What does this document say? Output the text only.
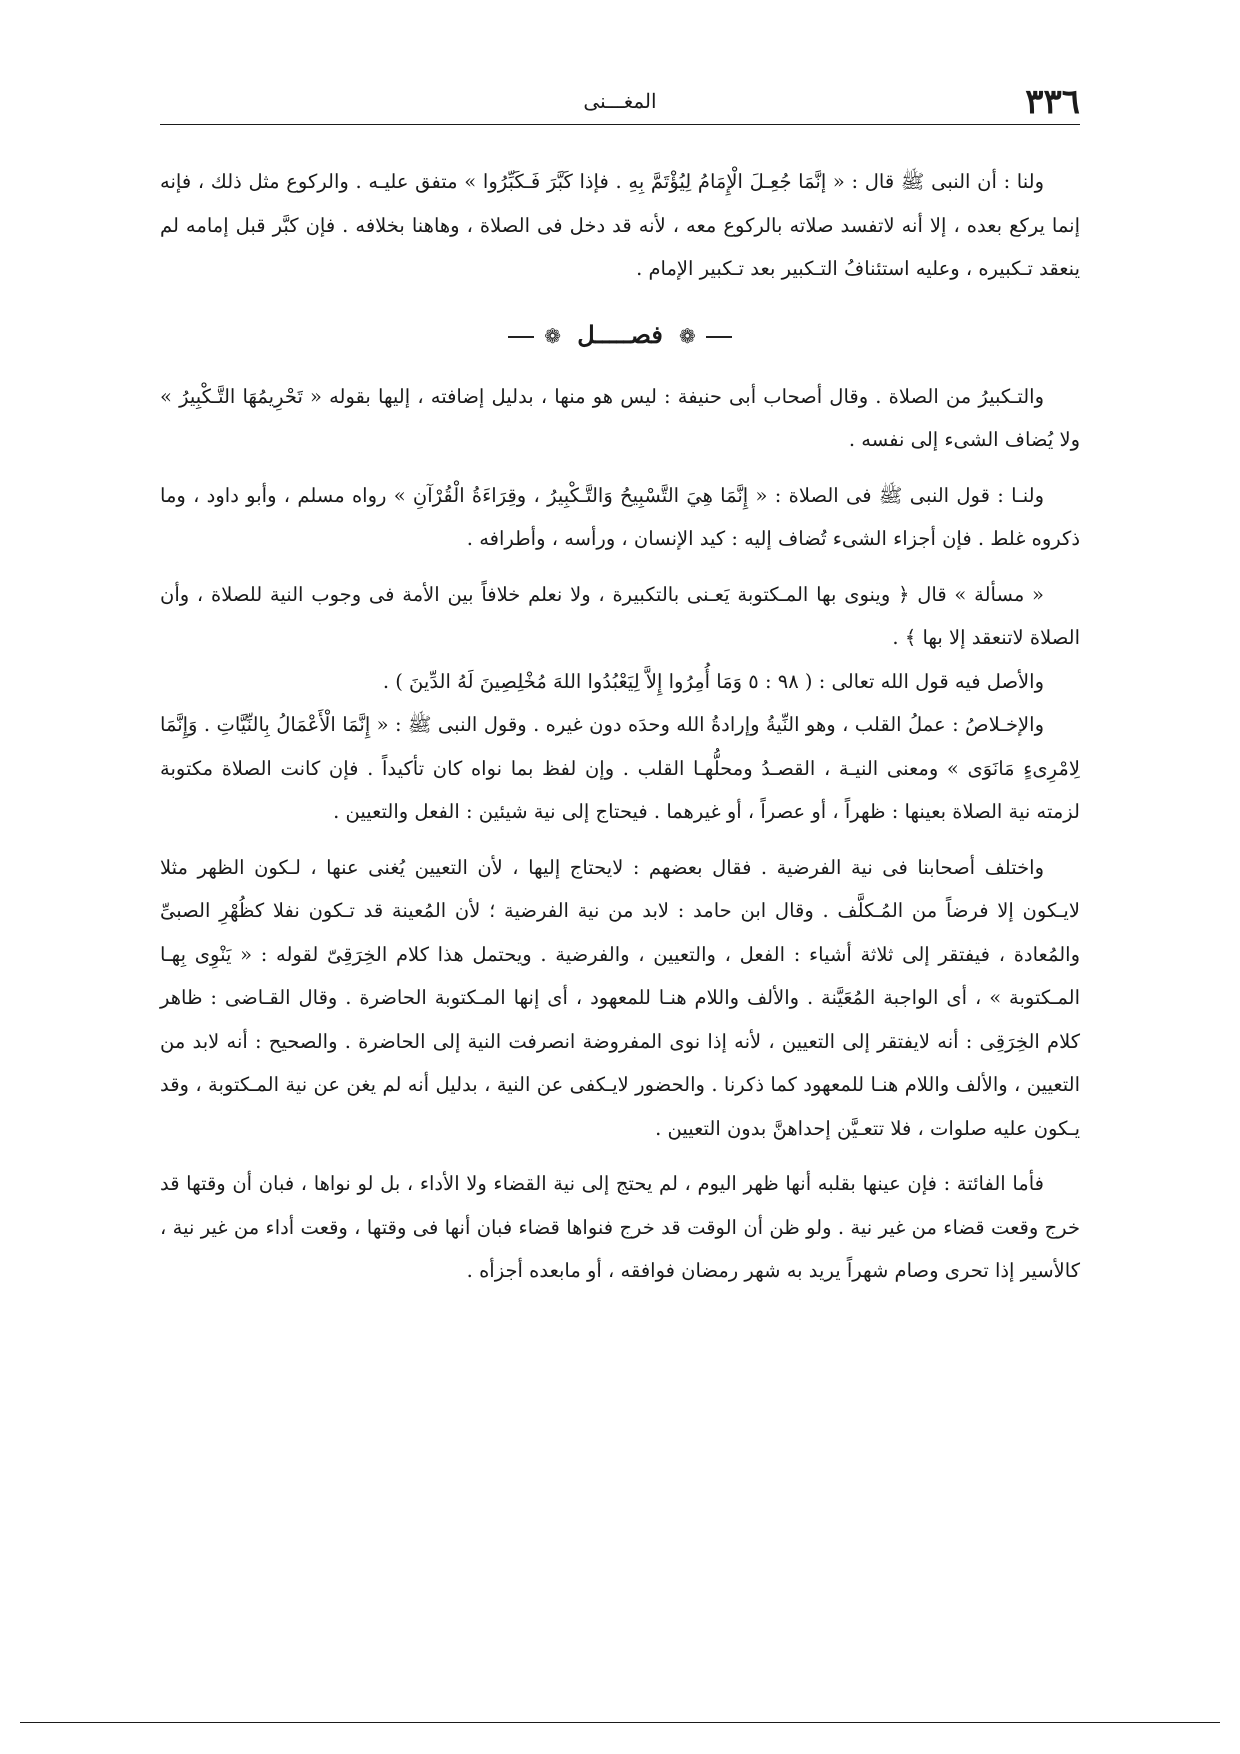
٣٣٦
المغـــنى

ولنا : أن النبى ﷺ قال : « إنَّمَا جُعِـلَ الْإِمَامُ لِيُؤْتَمَّ بِهِ . فإذا كَبَّرَ فَـكَبِّرُوا » متفق عليـه . والركوع مثل ذلك ، فإنه إنما يركع بعده ، إلا أنه لاتفسد صلاته بالركوع معه ، لأنه قد دخل فى الصلاة ، وهاهنا بخلافه . فإن كبَّر قبل إمامه لم ينعقد تـكبيره ، وعليه استئنافُ التـكبير بعد تـكبير الإمام .

❁ فصـــــل ❁

والتـكبيرُ من الصلاة . وقال أصحاب أبى حنيفة : ليس هو منها ، بدليل إضافته ، إليها بقوله « تَحْرِيمُهَا التَّـكْبِيرُ » ولا يُضاف الشىء إلى نفسه .

ولنـا : قول النبى ﷺ فى الصلاة : « إِنَّمَا هِيَ التَّسْبِيحُ وَالتَّـكْبِيرُ ، وقِرَاءَةُ الْقُرْآنِ » رواه مسلم ، وأبو داود ، وما ذكروه غلط . فإن أجزاء الشىء تُضاف إليه : كيد الإنسان ، ورأسه ، وأطرافه .

« مسألة » قال ﴿ وينوى بها المـكتوبة يَعـنى بالتكبيرة ، ولا نعلم خلافاً بين الأمة فى وجوب النية للصلاة ، وأن الصلاة لاتنعقد إلا بها ﴾ .

والأصل فيه قول الله تعالى : ( ٩٨ : ٥ وَمَا أُمِرُوا إِلاَّ لِيَعْبُدُوا اللهَ مُخْلِصِينَ لَهُ الدِّينَ ) .

والإخـلاصُ : عملُ القلب ، وهو النِّيةُ وإرادةُ الله وحدَه دون غيره . وقول النبى ﷺ : « إِنَّمَا الْأَعْمَالُ بِالنِّيَّاتِ . وَإِنَّمَا لِامْرِىءٍ مَانَوَى » ومعنى النيـة ، القصـدُ ومحلُّهـا القلب . وإن لفظ بما نواه كان تأكيداً . فإن كانت الصلاة مكتوبة لزمته نية الصلاة بعينها : ظهراً ، أو عصراً ، أو غيرهما . فيحتاج إلى نية شيئين : الفعل والتعيين .

واختلف أصحابنا فى نية الفرضية . فقال بعضهم : لايحتاج إليها ، لأن التعيين يُغنى عنها ، لـكون الظهر مثلا لايـكون إلا فرضاً من المُـكلَّف . وقال ابن حامد : لابد من نية الفرضية ؛ لأن المُعينة قد تـكون نفلا كظُهْرِ الصبىِّ والمُعادة ، فيفتقر إلى ثلاثة أشياء : الفعل ، والتعيين ، والفرضية . ويحتمل هذا كلام الخِرَقِىّ لقوله : « يَنْوِى بِهـا المـكتوبة » ، أى الواجبة المُعَيَّنة . والألف واللام هنـا للمعهود ، أى إنها المـكتوبة الحاضرة . وقال القـاضى : ظاهر كلام الخِرَقِى : أنه لايفتقر إلى التعيين ، لأنه إذا نوى المفروضة انصرفت النية إلى الحاضرة . والصحيح : أنه لابد من التعيين ، والألف واللام هنـا للمعهود كما ذكرنا . والحضور لايـكفى عن النية ، بدليل أنه لم يغن عن نية المـكتوبة ، وقد يـكون عليه صلوات ، فلا تتعـيَّن إحداهنَّ بدون التعيين .

فأما الفائتة : فإن عينها بقلبه أنها ظهر اليوم ، لم يحتج إلى نية القضاء ولا الأداء ، بل لو نواها ، فبان أن وقتها قد خرج وقعت قضاء من غير نية . ولو ظن أن الوقت قد خرج فنواها قضاء فبان أنها فى وقتها ، وقعت أداء من غير نية ، كالأسير إذا تحرى وصام شهراً يريد به شهر رمضان فوافقه ، أو مابعده أجزأه .
